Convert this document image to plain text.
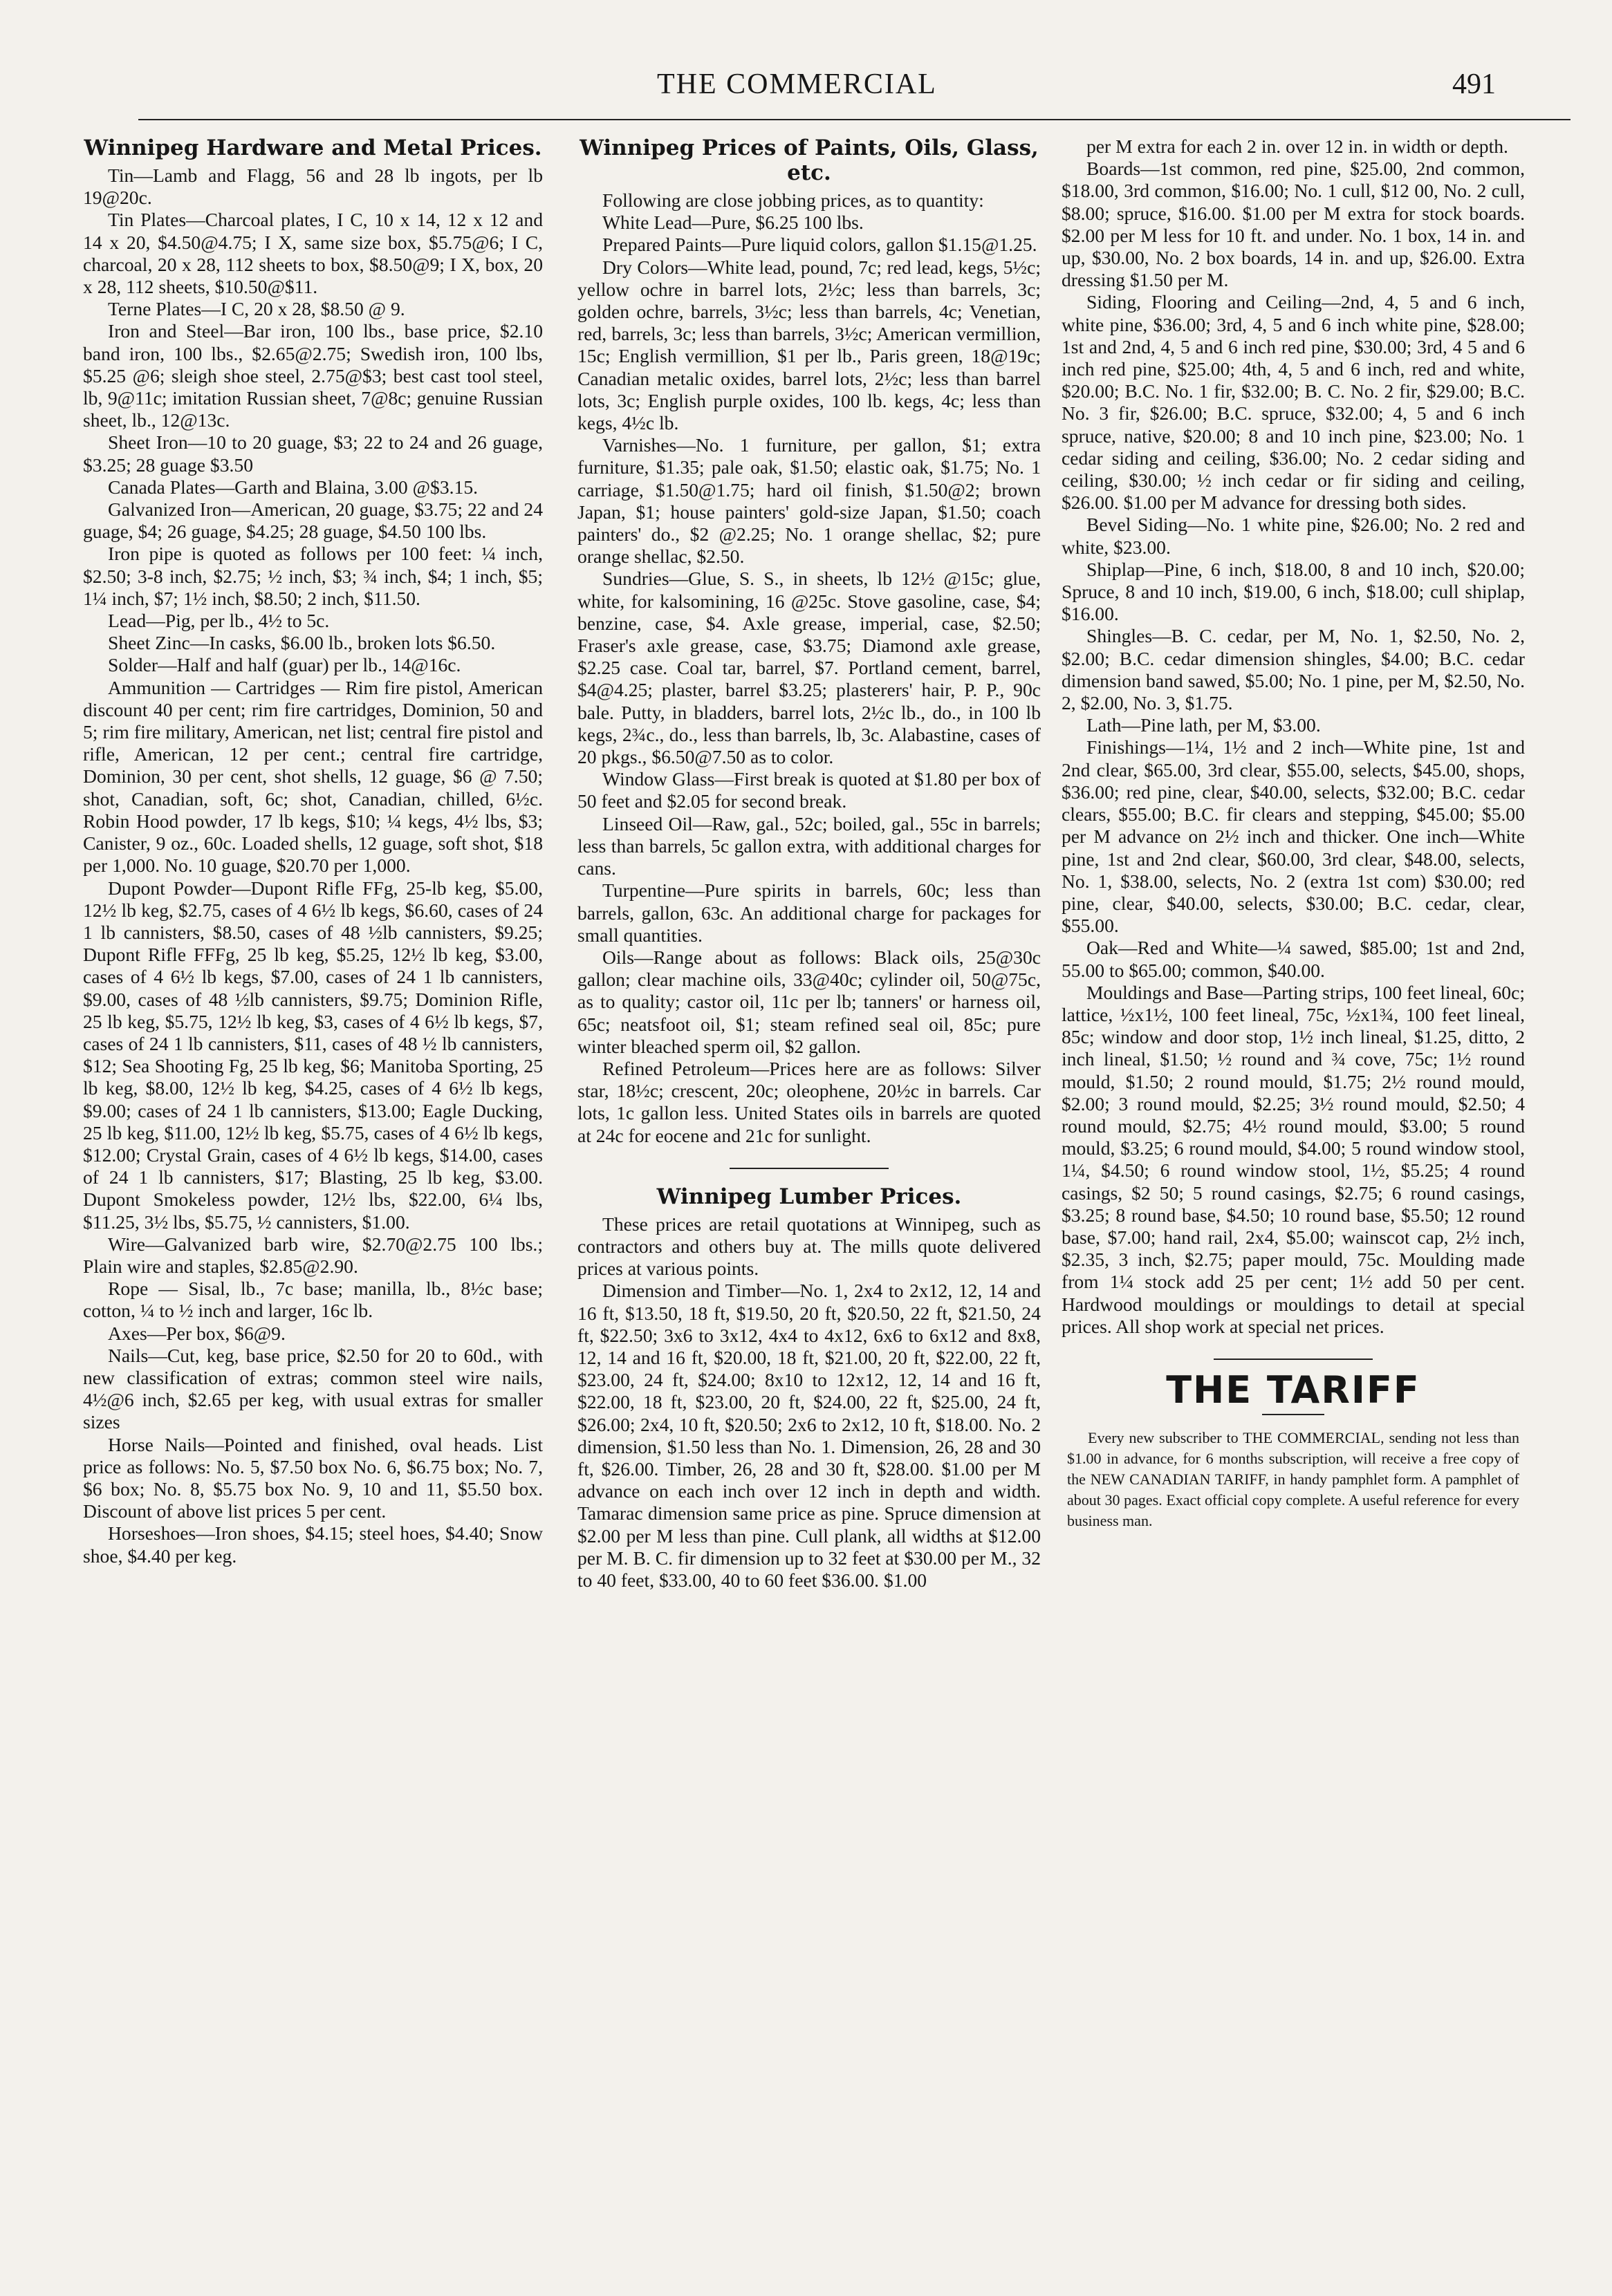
THE COMMERCIAL	491
Winnipeg Hardware and Metal Prices.

Tin—Lamb and Flagg, 56 and 28 lb ingots, per lb 19@20c.

Tin Plates—Charcoal plates, I C, 10 x 14, 12 x 12 and 14 x 20, $4.50@4.75; I X, same size box, $5.75@6; I C, charcoal, 20 x 28, 112 sheets to box, $8.50@9; I X, box, 20 x 28, 112 sheets, $10.50@$11.

Terne Plates—I C, 20 x 28, $8.50 @ 9.

Iron and Steel—Bar iron, 100 lbs., base price, $2.10 band iron, 100 lbs., $2.65@2.75; Swedish iron, 100 lbs, $5.25 @6; sleigh shoe steel, 2.75@$3; best cast tool steel, lb, 9@11c; imitation Russian sheet, 7@8c; genuine Russian sheet, lb., 12@13c.

Sheet Iron—10 to 20 guage, $3; 22 to 24 and 26 guage, $3.25; 28 guage $3.50

Canada Plates—Garth and Blaina, 3.00 @$3.15.

Galvanized Iron—American, 20 guage, $3.75; 22 and 24 guage, $4; 26 guage, $4.25; 28 guage, $4.50 100 lbs.

Iron pipe is quoted as follows per 100 feet: ¼ inch, $2.50; 3-8 inch, $2.75; ½ inch, $3; ¾ inch, $4; 1 inch, $5; 1¼ inch, $7; 1½ inch, $8.50; 2 inch, $11.50.

Lead—Pig, per lb., 4½ to 5c.

Sheet Zinc—In casks, $6.00 lb., broken lots $6.50.

Solder—Half and half (guar) per lb., 14@16c.

Ammunition — Cartridges — Rim fire pistol, American discount 40 per cent; rim fire cartridges, Dominion, 50 and 5; rim fire military, American, net list; central fire pistol and rifle, American, 12 per cent.; central fire cartridge, Dominion, 30 per cent, shot shells, 12 guage, $6 @ 7.50; shot, Canadian, soft, 6c; shot, Canadian, chilled, 6½c. Robin Hood powder, 17 lb kegs, $10; ¼ kegs, 4½ lbs, $3; Canister, 9 oz., 60c. Loaded shells, 12 guage, soft shot, $18 per 1,000. No. 10 guage, $20.70 per 1,000.

Dupont Powder—Dupont Rifle FFg, 25-lb keg, $5.00, 12½ lb keg, $2.75, cases of 4 6½ lb kegs, $6.60, cases of 24 1 lb cannisters, $8.50, cases of 48 ½lb cannisters, $9.25; Dupont Rifle FFFg, 25 lb keg, $5.25, 12½ lb keg, $3.00, cases of 4 6½ lb kegs, $7.00, cases of 24 1 lb cannisters, $9.00, cases of 48 ½lb cannisters, $9.75; Dominion Rifle, 25 lb keg, $5.75, 12½ lb keg, $3, cases of 4 6½ lb kegs, $7, cases of 24 1 lb cannisters, $11, cases of 48 ½ lb cannisters, $12; Sea Shooting Fg, 25 lb keg, $6; Manitoba Sporting, 25 lb keg, $8.00, 12½ lb keg, $4.25, cases of 4 6½ lb kegs, $9.00; cases of 24 1 lb cannisters, $13.00; Eagle Ducking, 25 lb keg, $11.00, 12½ lb keg, $5.75, cases of 4 6½ lb kegs, $12.00; Crystal Grain, cases of 4 6½ lb kegs, $14.00, cases of 24 1 lb cannisters, $17; Blasting, 25 lb keg, $3.00. Dupont Smokeless powder, 12½ lbs, $22.00, 6¼ lbs, $11.25, 3½ lbs, $5.75, ½ cannisters, $1.00.

Wire—Galvanized barb wire, $2.70@2.75 100 lbs.; Plain wire and staples, $2.85@2.90.

Rope — Sisal, lb., 7c base; manilla, lb., 8½c base; cotton, ¼ to ½ inch and larger, 16c lb.

Axes—Per box, $6@9.

Nails—Cut, keg, base price, $2.50 for 20 to 60d., with new classification of extras; common steel wire nails, 4½@6 inch, $2.65 per keg, with usual extras for smaller sizes

Horse Nails—Pointed and finished, oval heads. List price as follows: No. 5, $7.50 box No. 6, $6.75 box; No. 7, $6 box; No. 8, $5.75 box No. 9, 10 and 11, $5.50 box. Discount of above list prices 5 per cent.

Horseshoes—Iron shoes, $4.15; steel hoes, $4.40; Snow shoe, $4.40 per keg.

Winnipeg Prices of Paints, Oils, Glass, etc.

Following are close jobbing prices, as to quantity:

White Lead—Pure, $6.25 100 lbs.

Prepared Paints—Pure liquid colors, gallon $1.15@1.25.

Dry Colors—White lead, pound, 7c; red lead, kegs, 5½c; yellow ochre in barrel lots, 2½c; less than barrels, 3c; golden ochre, barrels, 3½c; less than barrels, 4c; Venetian, red, barrels, 3c; less than barrels, 3½c; American vermillion, 15c; English vermillion, $1 per lb., Paris green, 18@19c; Canadian metalic oxides, barrel lots, 2½c; less than barrel lots, 3c; English purple oxides, 100 lb. kegs, 4c; less than kegs, 4½c lb.

Varnishes—No. 1 furniture, per gallon, $1; extra furniture, $1.35; pale oak, $1.50; elastic oak, $1.75; No. 1 carriage, $1.50@1.75; hard oil finish, $1.50@2; brown Japan, $1; house painters' gold-size Japan, $1.50; coach painters' do., $2 @2.25; No. 1 orange shellac, $2; pure orange shellac, $2.50.

Sundries—Glue, S. S., in sheets, lb 12½ @15c; glue, white, for kalsomining, 16 @25c. Stove gasoline, case, $4; benzine, case, $4. Axle grease, imperial, case, $2.50; Fraser's axle grease, case, $3.75; Diamond axle grease, $2.25 case. Coal tar, barrel, $7. Portland cement, barrel, $4@4.25; plaster, barrel $3.25; plasterers' hair, P. P., 90c bale. Putty, in bladders, barrel lots, 2½c lb., do., in 100 lb kegs, 2¾c., do., less than barrels, lb, 3c. Alabastine, cases of 20 pkgs., $6.50@7.50 as to color.

Window Glass—First break is quoted at $1.80 per box of 50 feet and $2.05 for second break.

Linseed Oil—Raw, gal., 52c; boiled, gal., 55c in barrels; less than barrels, 5c gallon extra, with additional charges for cans.

Turpentine—Pure spirits in barrels, 60c; less than barrels, gallon, 63c. An additional charge for packages for small quantities.

Oils—Range about as follows: Black oils, 25@30c gallon; clear machine oils, 33@40c; cylinder oil, 50@75c, as to quality; castor oil, 11c per lb; tanners' or harness oil, 65c; neatsfoot oil, $1; steam refined seal oil, 85c; pure winter bleached sperm oil, $2 gallon.

Refined Petroleum—Prices here are as follows: Silver star, 18½c; crescent, 20c; oleophene, 20½c in barrels. Car lots, 1c gallon less. United States oils in barrels are quoted at 24c for eocene and 21c for sunlight.

Winnipeg Lumber Prices.

These prices are retail quotations at Winnipeg, such as contractors and others buy at. The mills quote delivered prices at various points.

Dimension and Timber—No. 1, 2x4 to 2x12, 12, 14 and 16 ft, $13.50, 18 ft, $19.50, 20 ft, $20.50, 22 ft, $21.50, 24 ft, $22.50; 3x6 to 3x12, 4x4 to 4x12, 6x6 to 6x12 and 8x8, 12, 14 and 16 ft, $20.00, 18 ft, $21.00, 20 ft, $22.00, 22 ft, $23.00, 24 ft, $24.00; 8x10 to 12x12, 12, 14 and 16 ft, $22.00, 18 ft, $23.00, 20 ft, $24.00, 22 ft, $25.00, 24 ft, $26.00; 2x4, 10 ft, $20.50; 2x6 to 2x12, 10 ft, $18.00. No. 2 dimension, $1.50 less than No. 1. Dimension, 26, 28 and 30 ft, $26.00. Timber, 26, 28 and 30 ft, $28.00. $1.00 per M advance on each inch over 12 inch in depth and width. Tamarac dimension same price as pine. Spruce dimension at $2.00 per M less than pine. Cull plank, all widths at $12.00 per M. B. C. fir dimension up to 32 feet at $30.00 per M., 32 to 40 feet, $33.00, 40 to 60 feet $36.00. $1.00

per M extra for each 2 in. over 12 in. in width or depth.

Boards—1st common, red pine, $25.00, 2nd common, $18.00, 3rd common, $16.00; No. 1 cull, $12 00, No. 2 cull, $8.00; spruce, $16.00. $1.00 per M extra for stock boards. $2.00 per M less for 10 ft. and under. No. 1 box, 14 in. and up, $30.00, No. 2 box boards, 14 in. and up, $26.00. Extra dressing $1.50 per M.

Siding, Flooring and Ceiling—2nd, 4, 5 and 6 inch, white pine, $36.00; 3rd, 4, 5 and 6 inch white pine, $28.00; 1st and 2nd, 4, 5 and 6 inch red pine, $30.00; 3rd, 4 5 and 6 inch red pine, $25.00; 4th, 4, 5 and 6 inch, red and white, $20.00; B.C. No. 1 fir, $32.00; B. C. No. 2 fir, $29.00; B.C. No. 3 fir, $26.00; B.C. spruce, $32.00; 4, 5 and 6 inch spruce, native, $20.00; 8 and 10 inch pine, $23.00; No. 1 cedar siding and ceiling, $36.00; No. 2 cedar siding and ceiling, $30.00; ½ inch cedar or fir siding and ceiling, $26.00. $1.00 per M advance for dressing both sides.

Bevel Siding—No. 1 white pine, $26.00; No. 2 red and white, $23.00.

Shiplap—Pine, 6 inch, $18.00, 8 and 10 inch, $20.00; Spruce, 8 and 10 inch, $19.00, 6 inch, $18.00; cull shiplap, $16.00.

Shingles—B. C. cedar, per M, No. 1, $2.50, No. 2, $2.00; B.C. cedar dimension shingles, $4.00; B.C. cedar dimension band sawed, $5.00; No. 1 pine, per M, $2.50, No. 2, $2.00, No. 3, $1.75.

Lath—Pine lath, per M, $3.00.

Finishings—1¼, 1½ and 2 inch—White pine, 1st and 2nd clear, $65.00, 3rd clear, $55.00, selects, $45.00, shops, $36.00; red pine, clear, $40.00, selects, $32.00; B.C. cedar clears, $55.00; B.C. fir clears and stepping, $45.00; $5.00 per M advance on 2½ inch and thicker. One inch—White pine, 1st and 2nd clear, $60.00, 3rd clear, $48.00, selects, No. 1, $38.00, selects, No. 2 (extra 1st com) $30.00; red pine, clear, $40.00, selects, $30.00; B.C. cedar, clear, $55.00.

Oak—Red and White—¼ sawed, $85.00; 1st and 2nd, 55.00 to $65.00; common, $40.00.

Mouldings and Base—Parting strips, 100 feet lineal, 60c; lattice, ½x1½, 100 feet lineal, 75c, ½x1¾, 100 feet lineal, 85c; window and door stop, 1½ inch lineal, $1.25, ditto, 2 inch lineal, $1.50; ½ round and ¾ cove, 75c; 1½ round mould, $1.50; 2 round mould, $1.75; 2½ round mould, $2.00; 3 round mould, $2.25; 3½ round mould, $2.50; 4 round mould, $2.75; 4½ round mould, $3.00; 5 round mould, $3.25; 6 round mould, $4.00; 5 round window stool, 1¼, $4.50; 6 round window stool, 1½, $5.25; 4 round casings, $2 50; 5 round casings, $2.75; 6 round casings, $3.25; 8 round base, $4.50; 10 round base, $5.50; 12 round base, $7.00; hand rail, 2x4, $5.00; wainscot cap, 2½ inch, $2.35, 3 inch, $2.75; paper mould, 75c. Moulding made from 1¼ stock add 25 per cent; 1½ add 50 per cent. Hardwood mouldings or mouldings to detail at special prices. All shop work at special net prices.

THE TARIFF
Every new subscriber to THE COMMERCIAL, sending not less than $1.00 in advance, for 6 months subscription, will receive a free copy of the NEW CANADIAN TARIFF, in handy pamphlet form. A pamphlet of about 30 pages. Exact official copy complete. A useful reference for every business man.
